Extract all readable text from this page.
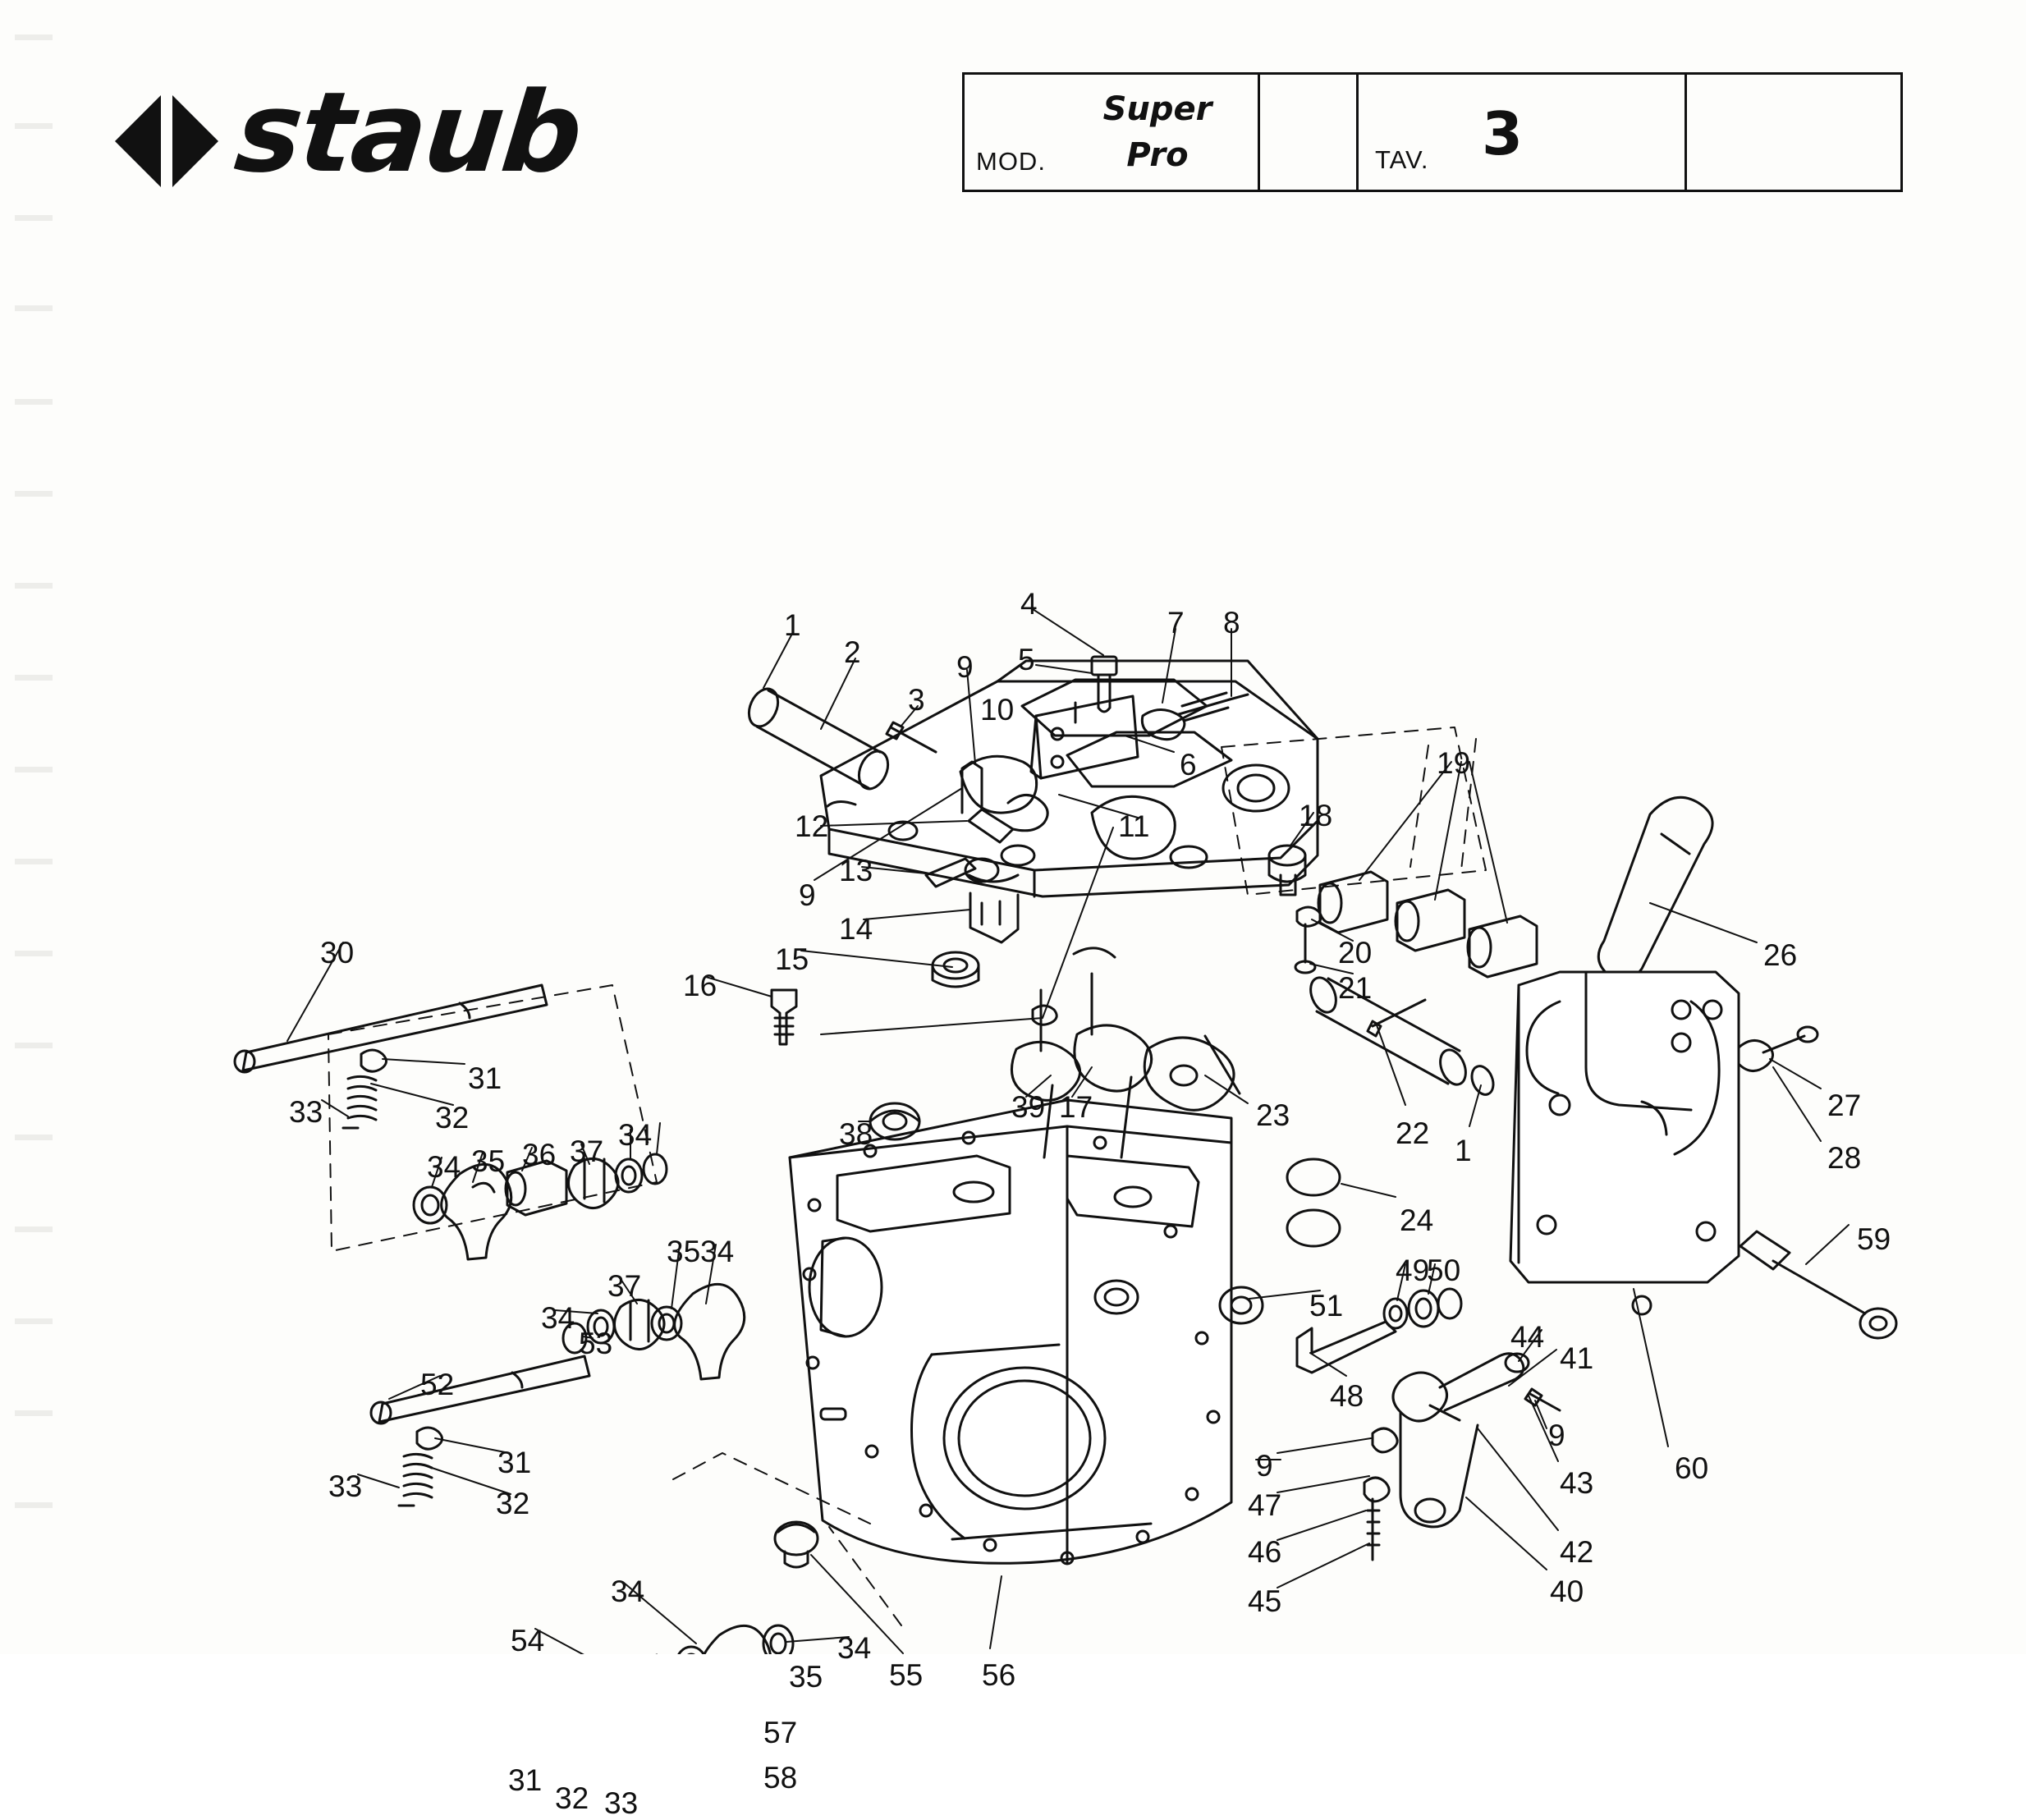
staub	MOD.
Super
Pro	TAV. 3
1
2
3
4
5
6
7 8
9
9
9
9
10
11
12
13
14
15
16
17
18
19
20
21
22
23
24
26
27
28
30
31
31
31
32
32
32
33
33
33
34
34
34
34
34
34
35
35
35
36 37
37
38
39
40
41
42
43
44
45
46
47
48
49
50
51
52
53
54
55 56
57
58
59
60
1
